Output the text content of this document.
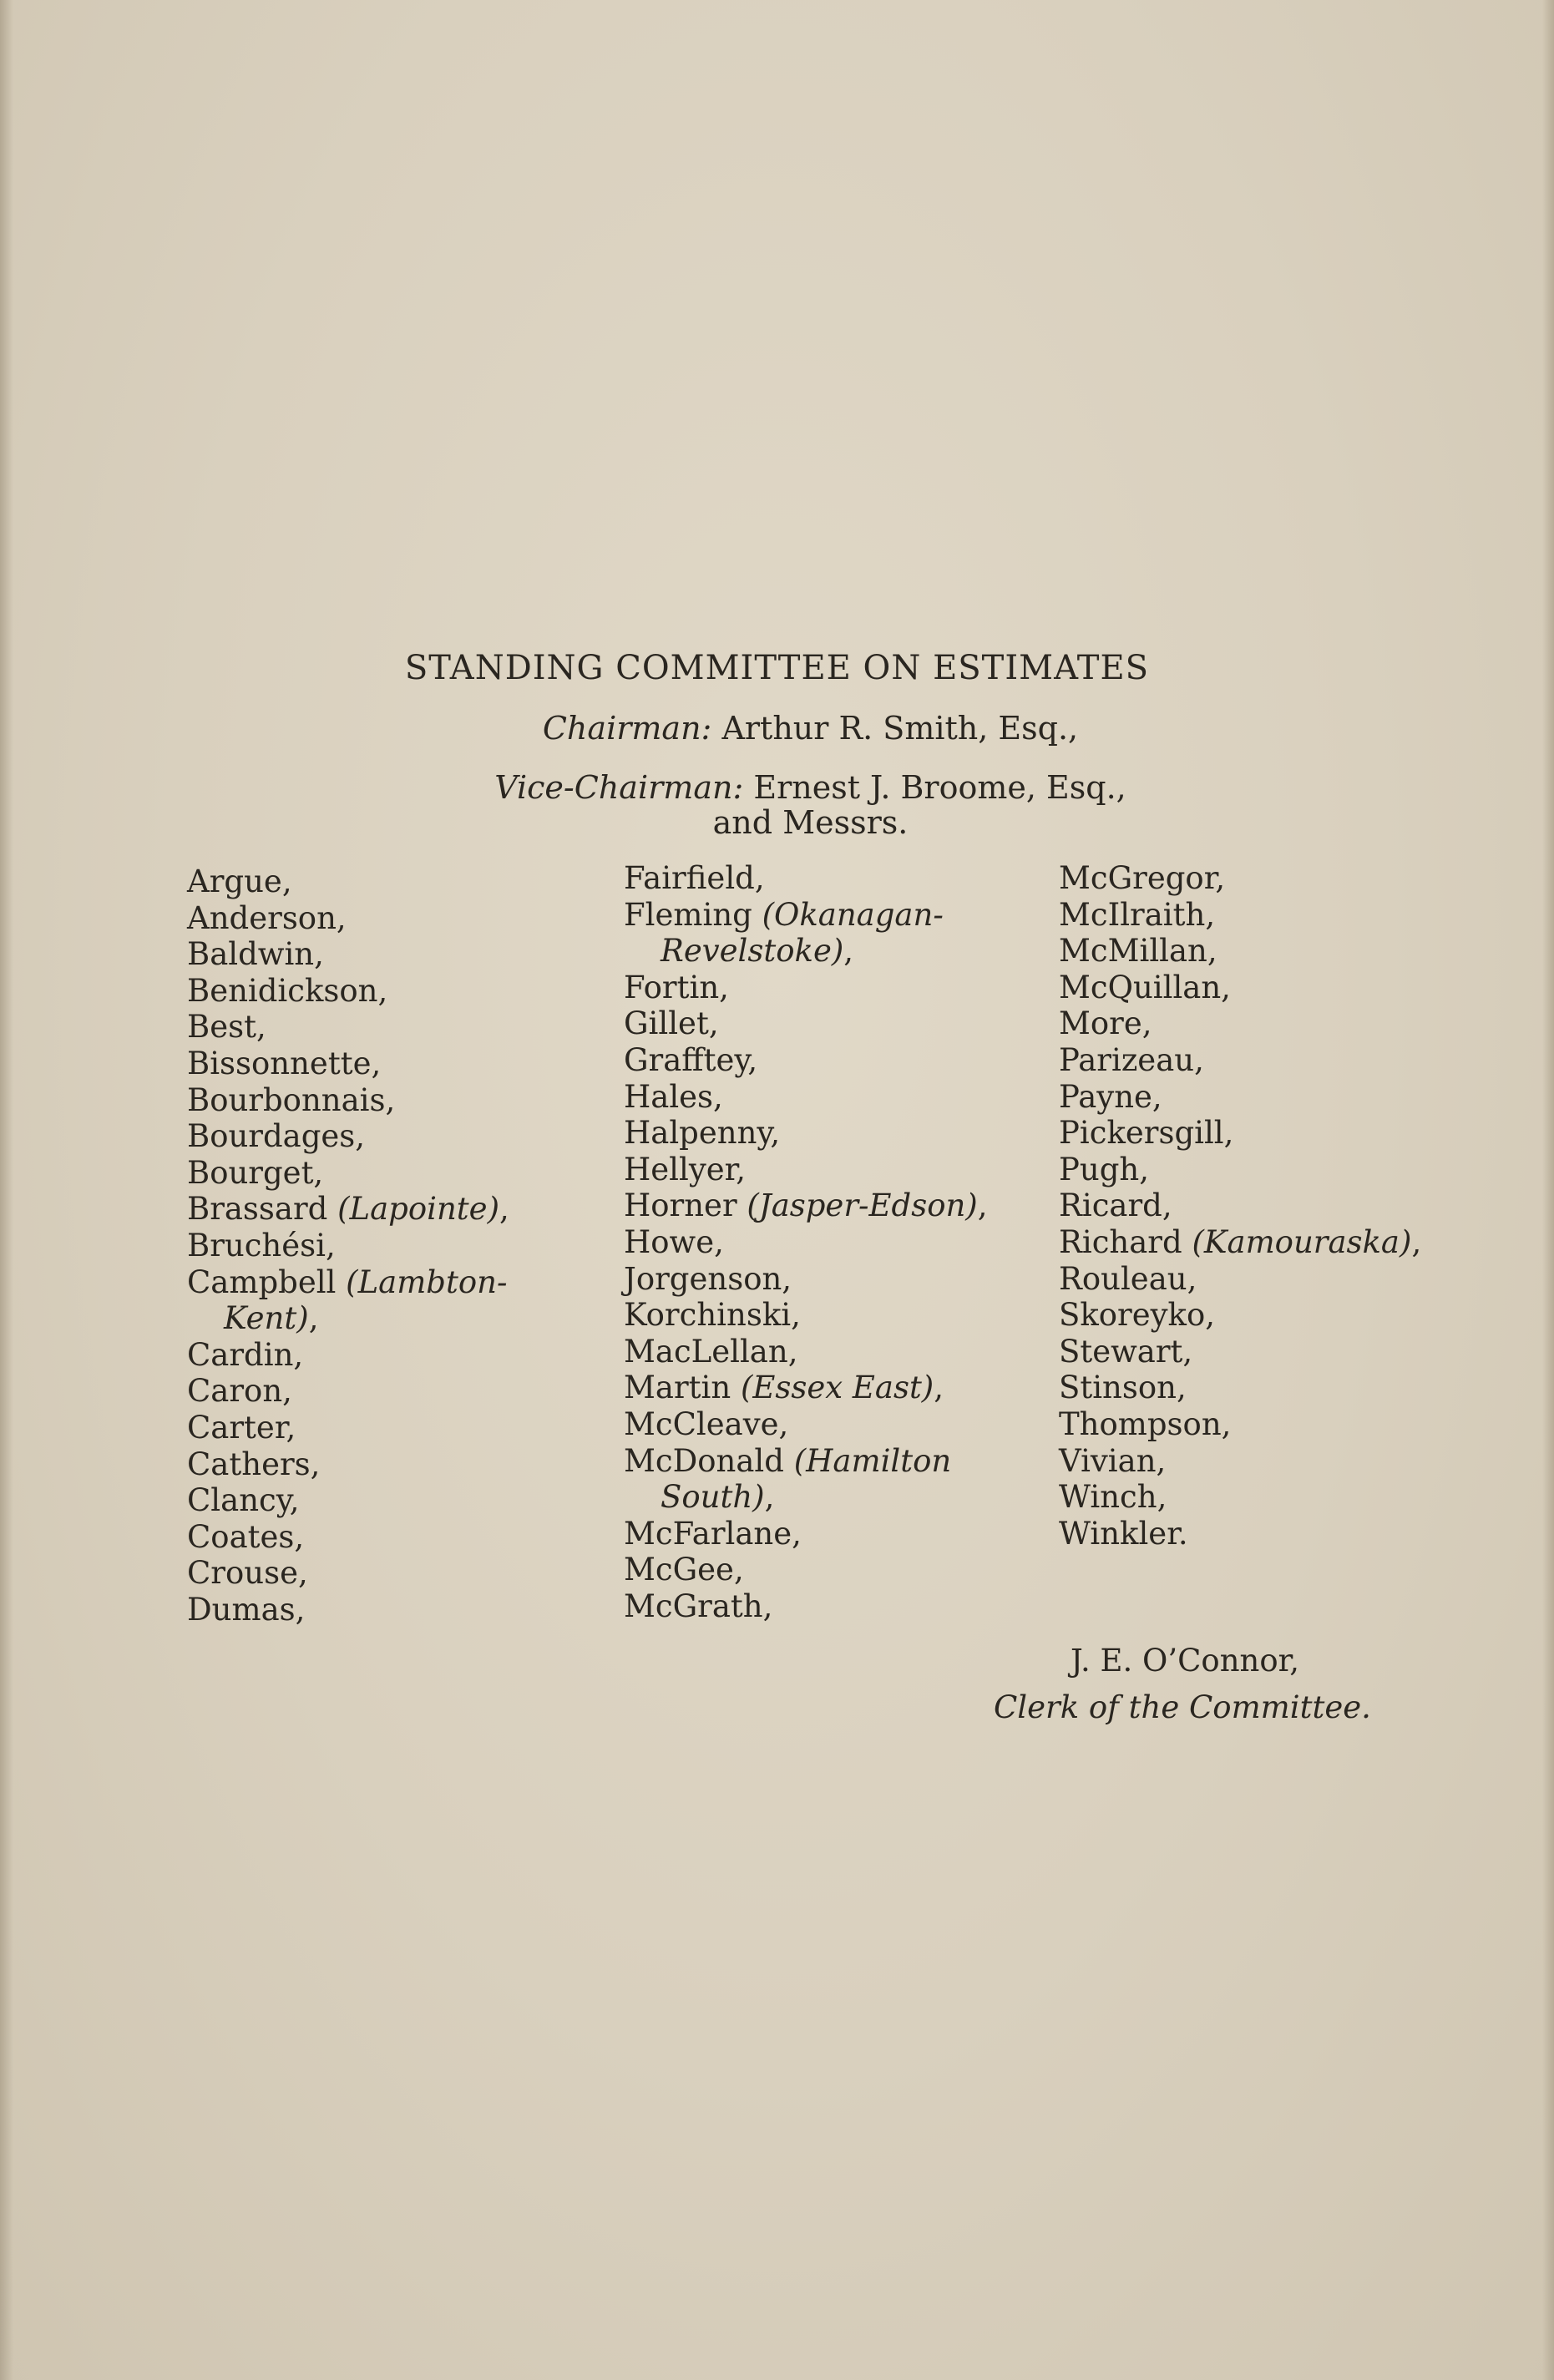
STANDING COMMITTEE ON ESTIMATES
Chairman: Arthur R. Smith, Esq.,
Vice-Chairman: Ernest J. Broome, Esq.,
and Messrs.
Argue,
Anderson,
Baldwin,
Benidickson,
Best,
Bissonnette,
Bourbonnais,
Bourdages,
Bourget,
Brassard (Lapointe),
Bruchési,
Campbell (Lambton-
Kent),
Cardin,
Caron,
Carter,
Cathers,
Clancy,
Coates,
Crouse,
Dumas,
Fairfield,
Fleming (Okanagan-
Revelstoke),
Fortin,
Gillet,
Grafftey,
Hales,
Halpenny,
Hellyer,
Horner (Jasper-Edson),
Howe,
Jorgenson,
Korchinski,
MacLellan,
Martin (Essex East),
McCleave,
McDonald (Hamilton
South),
McFarlane,
McGee,
McGrath,
McGregor,
McIlraith,
McMillan,
McQuillan,
More,
Parizeau,
Payne,
Pickersgill,
Pugh,
Ricard,
Richard (Kamouraska),
Rouleau,
Skoreyko,
Stewart,
Stinson,
Thompson,
Vivian,
Winch,
Winkler.
J. E. O’Connor,
Clerk of the Committee.
